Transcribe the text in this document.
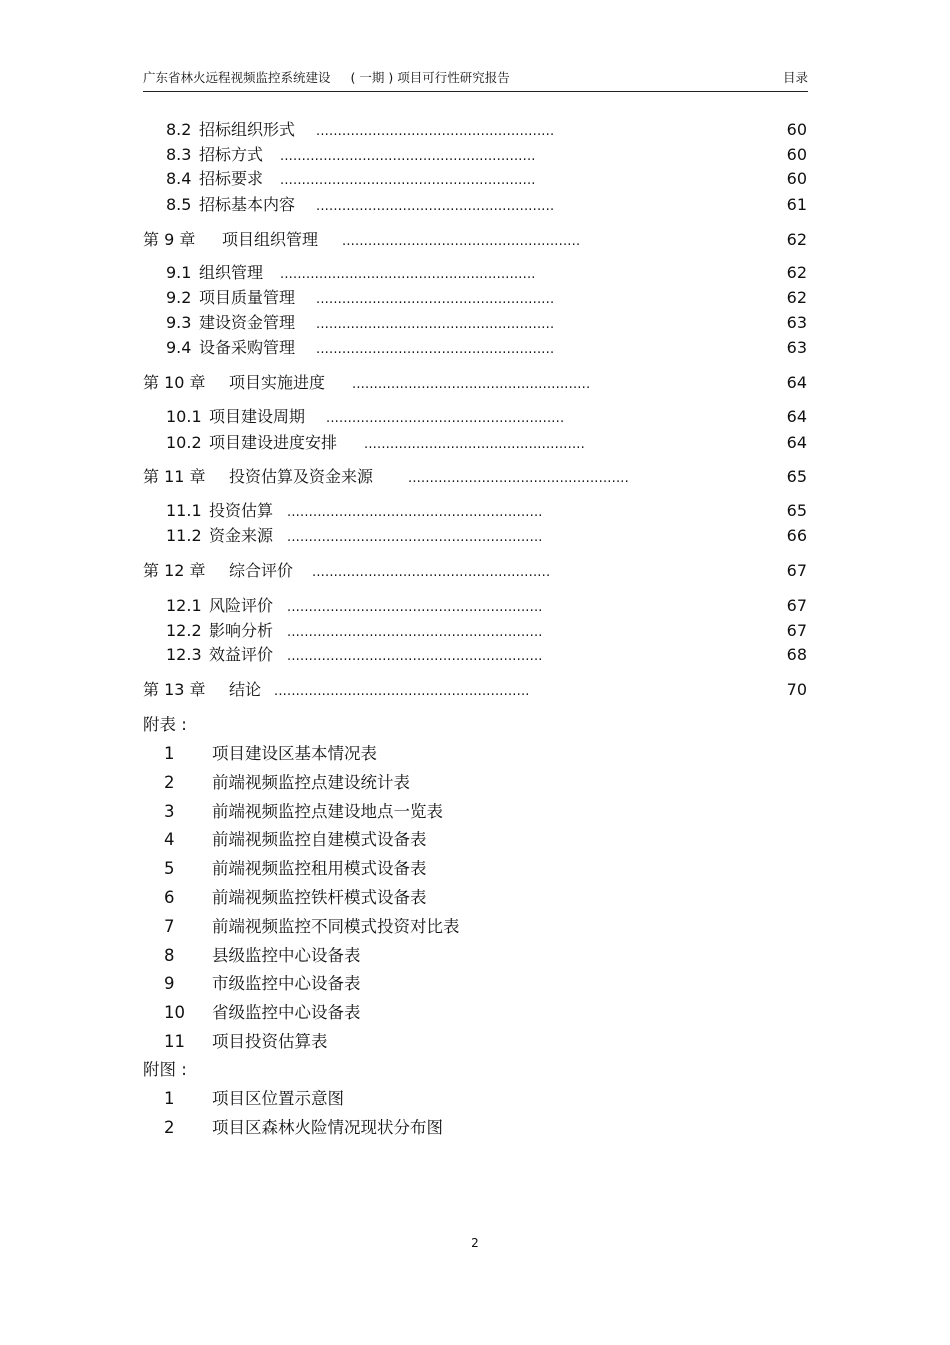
广东省林火远程视频监控系统建设 ( 一期 ) 项目可行性研究报告	目录
8.2 招标组织形式 .......................................................	60
8.3 招标方式 ...........................................................	60
8.4 招标要求 ...........................................................	60
8.5 招标基本内容 .......................................................	61
第 9 章 项目组织管理 .......................................................	62
9.1 组织管理 ...........................................................	62
9.2 项目质量管理 .......................................................	62
9.3 建设资金管理 .......................................................	63
9.4 设备采购管理 .......................................................	63
第 10 章 项目实施进度 .......................................................	64
10.1 项目建设周期 .......................................................	64
10.2 项目建设进度安排 ...................................................	64
第 11 章 投资估算及资金来源	...................................................	65
11.1 投资估算 ...........................................................	65
11.2 资金来源 ...........................................................	66
第 12 章 综合评价 .......................................................	67
12.1 风险评价 ...........................................................	67
12.2 影响分析 ...........................................................	67
12.3 效益评价 ...........................................................	68
第 13 章 结论 ...........................................................	70
附表 :
1 项目建设区基本情况表
2 前端视频监控点建设统计表
3 前端视频监控点建设地点一览表
4 前端视频监控自建模式设备表
5 前端视频监控租用模式设备表
6 前端视频监控铁杆模式设备表
7 前端视频监控不同模式投资对比表
8 县级监控中心设备表
9 市级监控中心设备表
10 省级监控中心设备表
11 项目投资估算表
附图 :
1 项目区位置示意图
2 项目区森林火险情况现状分布图
2
